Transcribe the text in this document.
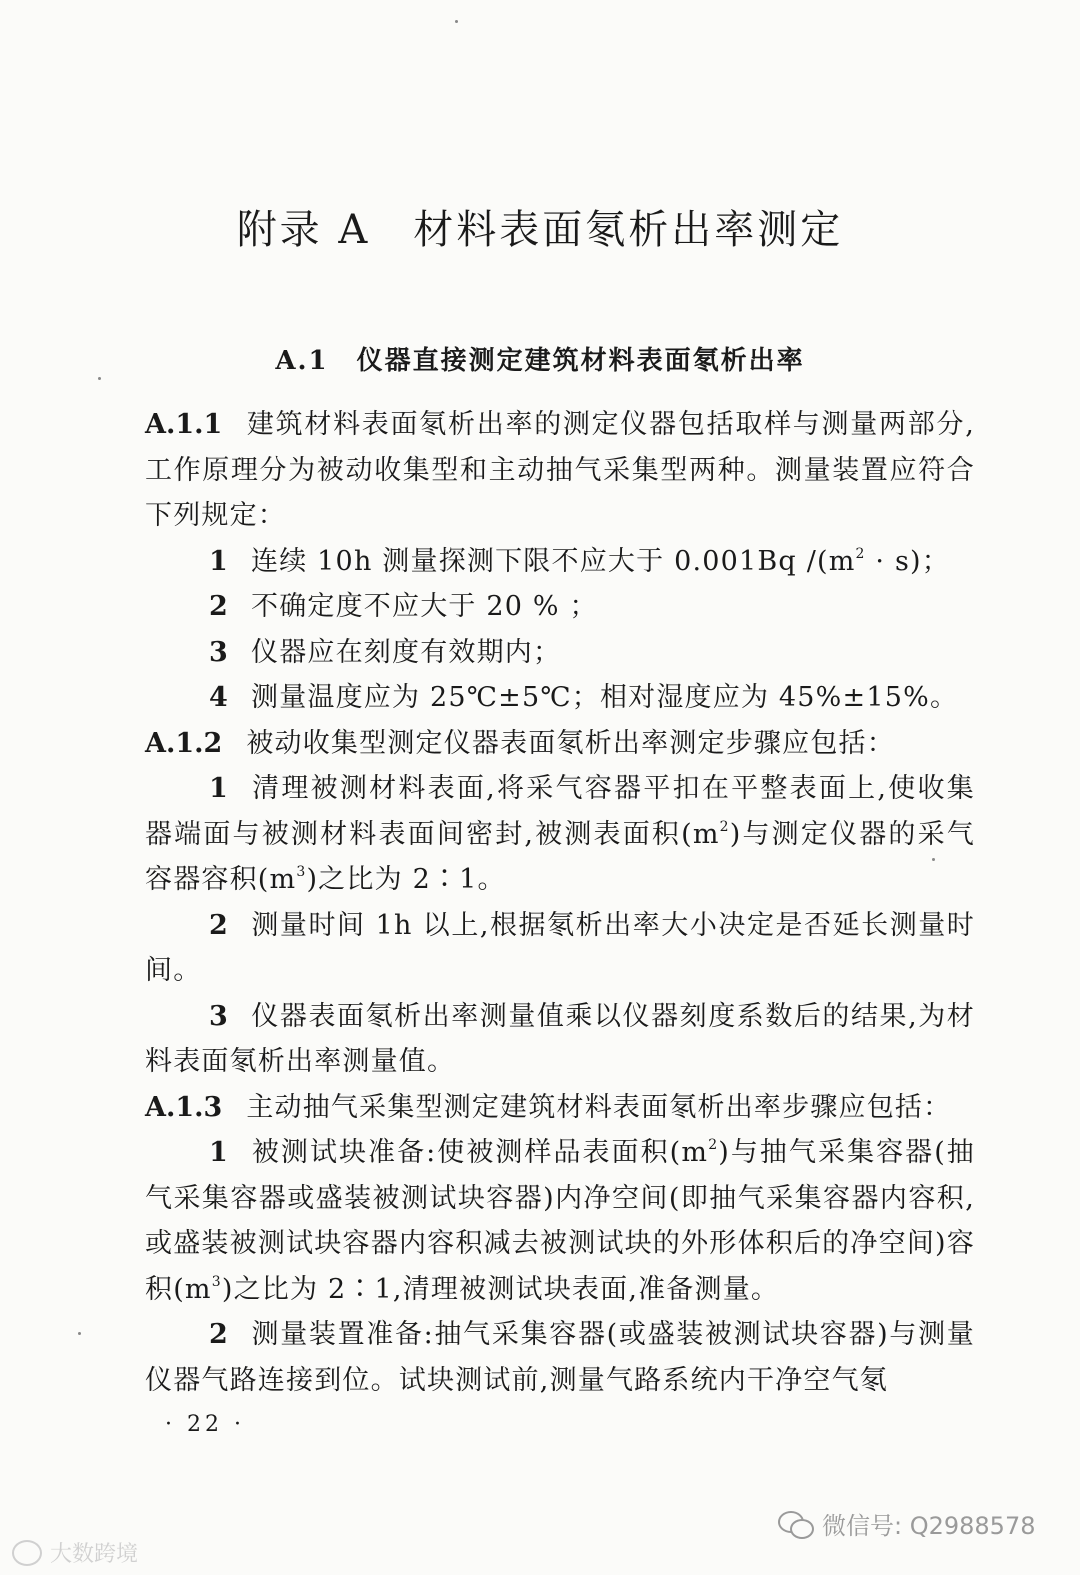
附录 A　材料表面氡析出率测定
A.1　仪器直接测定建筑材料表面氡析出率

A.1.1 建筑材料表面氡析出率的测定仪器包括取样与测量两部分,工作原理分为被动收集型和主动抽气采集型两种。测量装置应符合下列规定：

1 连续 10h 测量探测下限不应大于 0.001Bq $/(m^2 \cdot s)$；

2 不确定度不应大于 20 % ；

3 仪器应在刻度有效期内；

4 测量温度应为 25℃±5℃；相对湿度应为 45%±15%。

A.1.2 被动收集型测定仪器表面氡析出率测定步骤应包括：

1 清理被测材料表面,将采气容器平扣在平整表面上,使收集器端面与被测材料表面间密封,被测表面积$(m^2)$与测定仪器的采气容器容积$(m^3)$之比为 2∶1。

2 测量时间 1h 以上,根据氡析出率大小决定是否延长测量时间。

3 仪器表面氡析出率测量值乘以仪器刻度系数后的结果,为材料表面氡析出率测量值。

A.1.3 主动抽气采集型测定建筑材料表面氡析出率步骤应包括：

1 被测试块准备:使被测样品表面积$(m^2)$与抽气采集容器(抽气采集容器或盛装被测试块容器)内净空间(即抽气采集容器内容积,或盛装被测试块容器内容积减去被测试块的外形体积后的净空间)容积$(m^3)$之比为 2∶1,清理被测试块表面,准备测量。

2 测量装置准备:抽气采集容器(或盛装被测试块容器)与测量仪器气路连接到位。试块测试前,测量气路系统内干净空气氡

· 22 ·
微信号: Q2988578
大数跨境
